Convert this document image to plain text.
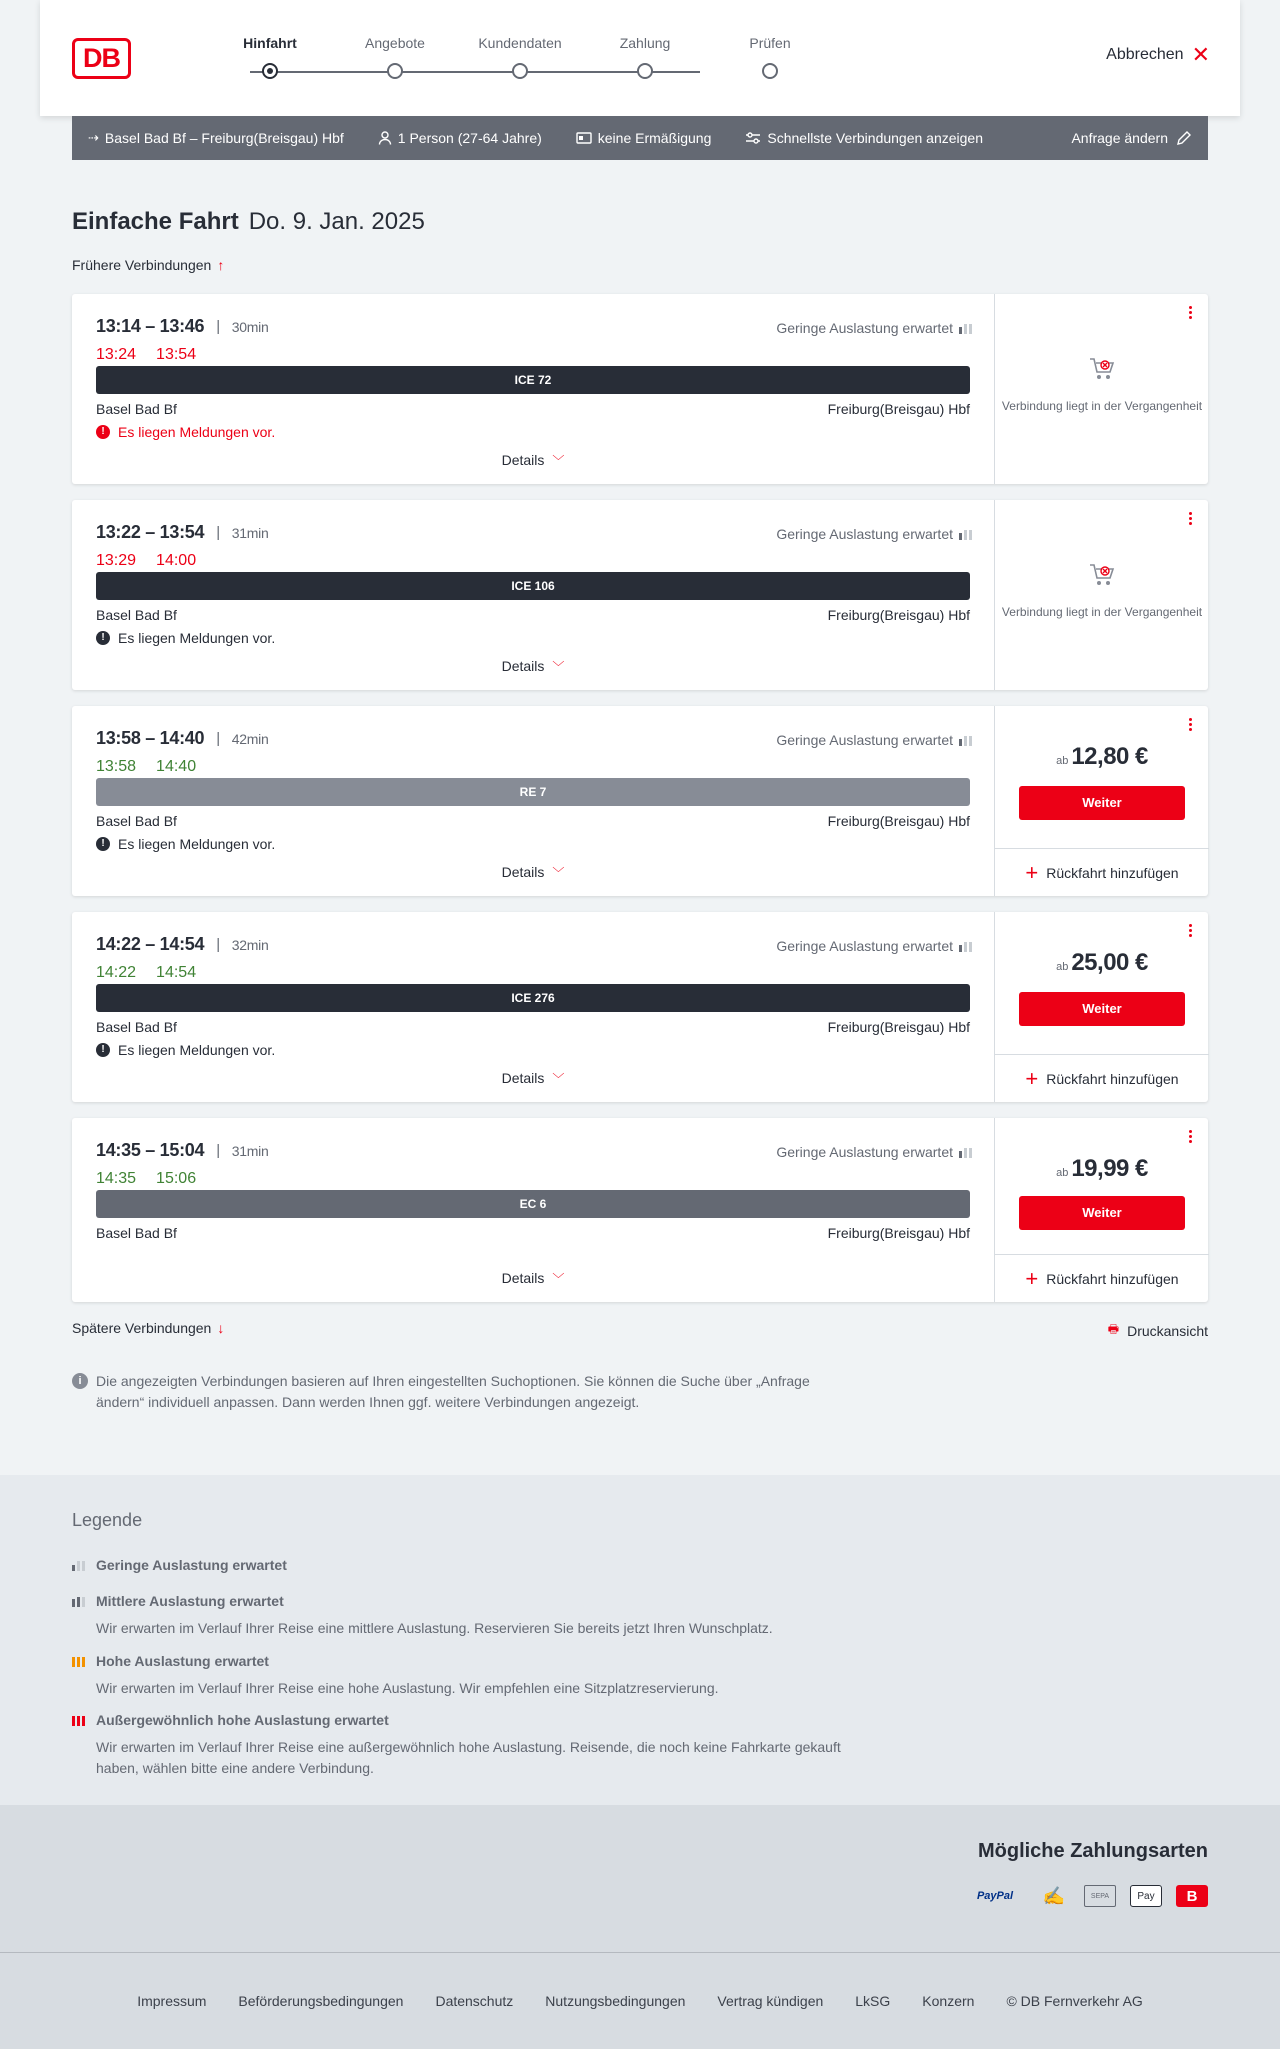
DB	Hinfahrt	Angebote	Kundendaten	Zahlung	Prüfen
Abbrechen ✕
⇢ Basel Bad Bf – Freiburg(Breisgau) Hbf	1 Person (27-64 Jahre)	keine Ermäßigung	Schnellste Verbindungen anzeigen	Anfrage ändern
Einfache Fahrt Do. 9. Jan. 2025
Frühere Verbindungen ↑
13:14 – 13:46 | 30min	Geringe Auslastung erwartet
13:24 13:54
ICE 72
Basel Bad Bf	Freiburg(Breisgau) Hbf
! Es liegen Meldungen vor.
Details ﹀
Verbindung liegt in der Vergangenheit
13:22 – 13:54 | 31min	Geringe Auslastung erwartet
13:29 14:00
ICE 106
Basel Bad Bf	Freiburg(Breisgau) Hbf
! Es liegen Meldungen vor.
Details ﹀
Verbindung liegt in der Vergangenheit
13:58 – 14:40 | 42min	Geringe Auslastung erwartet
13:58 14:40
RE 7
Basel Bad Bf	Freiburg(Breisgau) Hbf
! Es liegen Meldungen vor.
Details ﹀
ab 12,80 €
Weiter
+ Rückfahrt hinzufügen
14:22 – 14:54 | 32min	Geringe Auslastung erwartet
14:22 14:54
ICE 276
Basel Bad Bf	Freiburg(Breisgau) Hbf
! Es liegen Meldungen vor.
Details ﹀
ab 25,00 €
Weiter
+ Rückfahrt hinzufügen
14:35 – 15:04 | 31min	Geringe Auslastung erwartet
14:35 15:06
EC 6
Basel Bad Bf	Freiburg(Breisgau) Hbf
Details ﹀
ab 19,99 €
Weiter
+ Rückfahrt hinzufügen
Spätere Verbindungen ↓	🖶 Druckansicht
i	Die angezeigten Verbindungen basieren auf Ihren eingestellten Suchoptionen. Sie können die Suche über „Anfrage ändern“ individuell anpassen. Dann werden Ihnen ggf. weitere Verbindungen angezeigt.
Legende
Geringe Auslastung erwartet
Mittlere Auslastung erwartet
Wir erwarten im Verlauf Ihrer Reise eine mittlere Auslastung. Reservieren Sie bereits jetzt Ihren Wunschplatz.
Hohe Auslastung erwartet
Wir erwarten im Verlauf Ihrer Reise eine hohe Auslastung. Wir empfehlen eine Sitzplatzreservierung.
Außergewöhnlich hohe Auslastung erwartet
Wir erwarten im Verlauf Ihrer Reise eine außergewöhnlich hohe Auslastung. Reisende, die noch keine Fahrkarte gekauft haben, wählen bitte eine andere Verbindung.
Mögliche Zahlungsarten
PayPal ✍	SEPA	Pay B
Impressum Beförderungsbedingungen Datenschutz Nutzungsbedingungen Vertrag kündigen LkSG Konzern © DB Fernverkehr AG
